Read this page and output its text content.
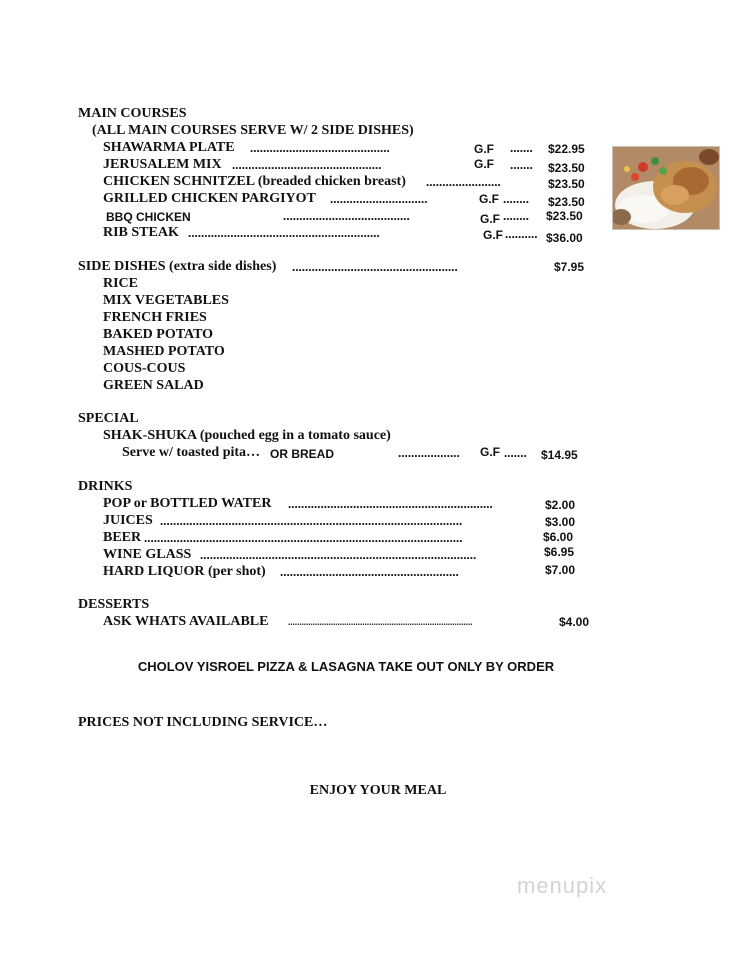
MAIN COURSES
(ALL MAIN COURSES SERVE W/ 2 SIDE DISHES)
SHAWARMA PLATE ...........................................	G.F .......	$22.95
JERUSALEM MIX ..............................................	G.F .......	$23.50
CHICKEN SCHNITZEL (breaded chicken breast) .......................	$23.50
GRILLED CHICKEN PARGIYOT ..............................	G.F ........	$23.50
BBQ CHICKEN	.......................................	G.F ........	$23.50
RIB STEAK ...........................................................	G.F .......... $36.00
SIDE DISHES (extra side dishes) ...................................................	$7.95
RICE
MIX VEGETABLES
FRENCH FRIES
BAKED POTATO
MASHED POTATO
COUS-COUS
GREEN SALAD
SPECIAL
SHAK-SHUKA (pouched egg in a tomato sauce)
Serve w/ toasted pita… OR BREAD	...................	G.F .......	$14.95
DRINKS
POP or BOTTLED WATER ...............................................................	$2.00
JUICES .............................................................................................	$3.00
BEER ..................................................................................................	$6.00
WINE GLASS .....................................................................................	$6.95
HARD LIQUOR (per shot) .......................................................	$7.00
DESSERTS
ASK WHATS AVAILABLE ..................................................................................	$4.00
CHOLOV YISROEL PIZZA & LASAGNA TAKE OUT ONLY BY ORDER
PRICES NOT INCLUDING SERVICE…
ENJOY YOUR MEAL
menupix
